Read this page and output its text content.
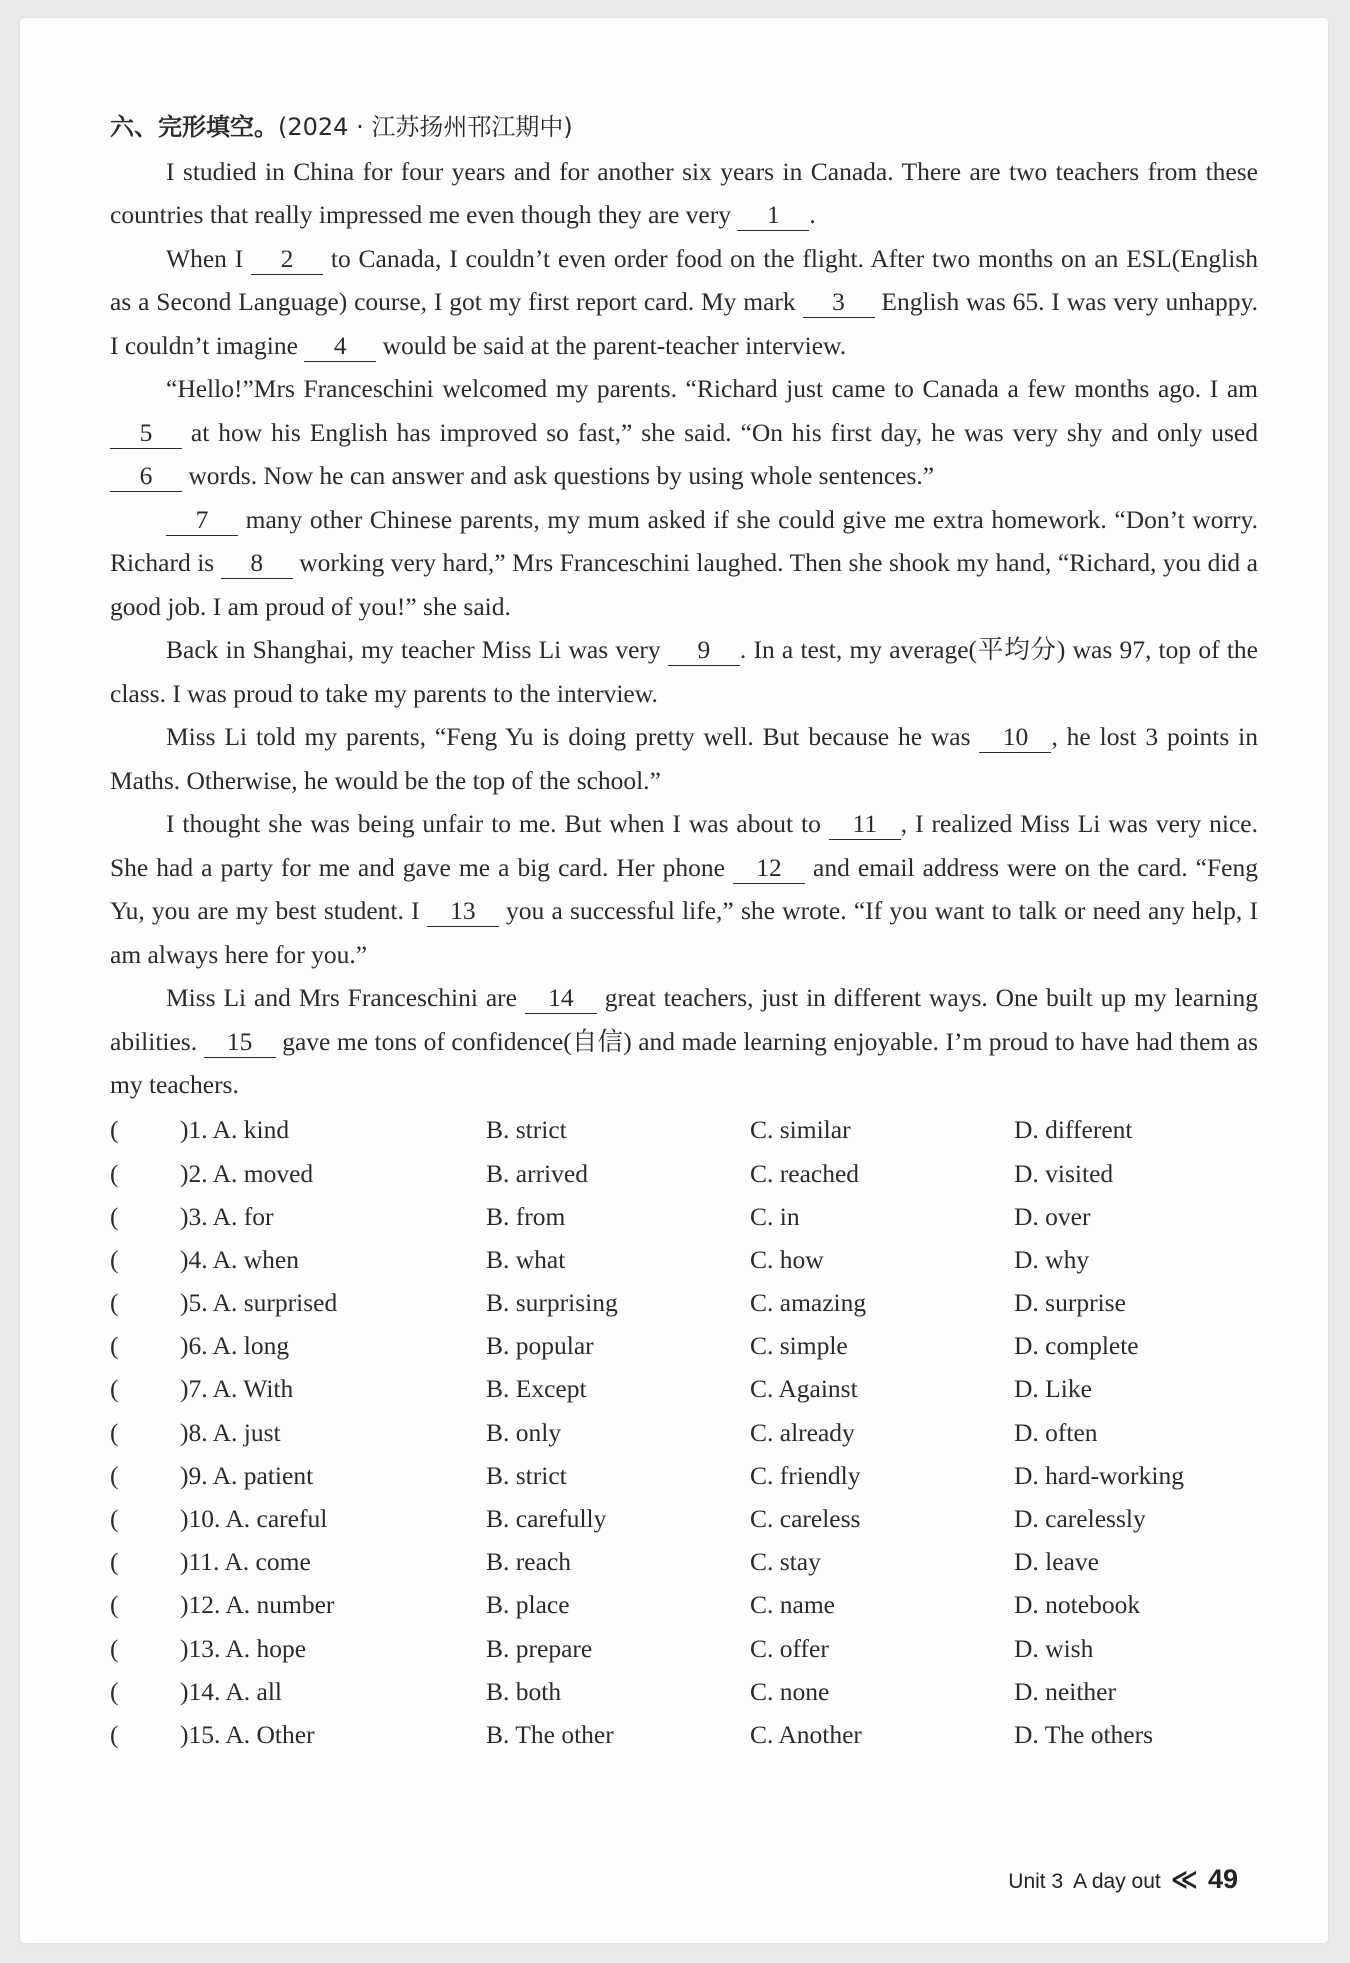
六、完形填空。(2024 · 江苏扬州邗江期中)

I studied in China for four years and for another six years in Canada. There are two teachers from these countries that really impressed me even though they are very 1 .

When I 2 to Canada, I couldn’t even order food on the flight. After two months on an ESL(English as a Second Language) course, I got my first report card. My mark 3 English was 65. I was very unhappy. I couldn’t imagine 4 would be said at the parent-teacher interview.

“Hello!”Mrs Franceschini welcomed my parents. “Richard just came to Canada a few months ago. I am 5 at how his English has improved so fast,” she said. “On his first day, he was very shy and only used 6 words. Now he can answer and ask questions by using whole sentences.”

7 many other Chinese parents, my mum asked if she could give me extra homework. “Don’t worry. Richard is 8 working very hard,” Mrs Franceschini laughed. Then she shook my hand, “Richard, you did a good job. I am proud of you!” she said.

Back in Shanghai, my teacher Miss Li was very 9 . In a test, my average(平均分) was 97, top of the class. I was proud to take my parents to the interview.

Miss Li told my parents, “Feng Yu is doing pretty well. But because he was 10 , he lost 3 points in Maths. Otherwise, he would be the top of the school.”

I thought she was being unfair to me. But when I was about to 11 , I realized Miss Li was very nice. She had a party for me and gave me a big card. Her phone 12 and email address were on the card. “Feng Yu, you are my best student. I 13 you a successful life,” she wrote. “If you want to talk or need any help, I am always here for you.”

Miss Li and Mrs Franceschini are 14 great teachers, just in different ways. One built up my learning abilities. 15 gave me tons of confidence(自信) and made learning enjoyable. I’m proud to have had them as my teachers.

( )1. A. kind	B. strict	C. similar	D. different
( )2. A. moved	B. arrived	C. reached	D. visited
( )3. A. for	B. from	C. in	D. over
( )4. A. when	B. what	C. how	D. why
( )5. A. surprised	B. surprising	C. amazing	D. surprise
( )6. A. long	B. popular	C. simple	D. complete
( )7. A. With	B. Except	C. Against	D. Like
( )8. A. just	B. only	C. already	D. often
( )9. A. patient	B. strict	C. friendly	D. hard-working
( )10. A. careful	B. carefully	C. careless	D. carelessly
( )11. A. come	B. reach	C. stay	D. leave
( )12. A. number	B. place	C. name	D. notebook
( )13. A. hope	B. prepare	C. offer	D. wish
( )14. A. all	B. both	C. none	D. neither
( )15. A. Other	B. The other	C. Another	D. The others
Unit 3 A day out ≪ 49
